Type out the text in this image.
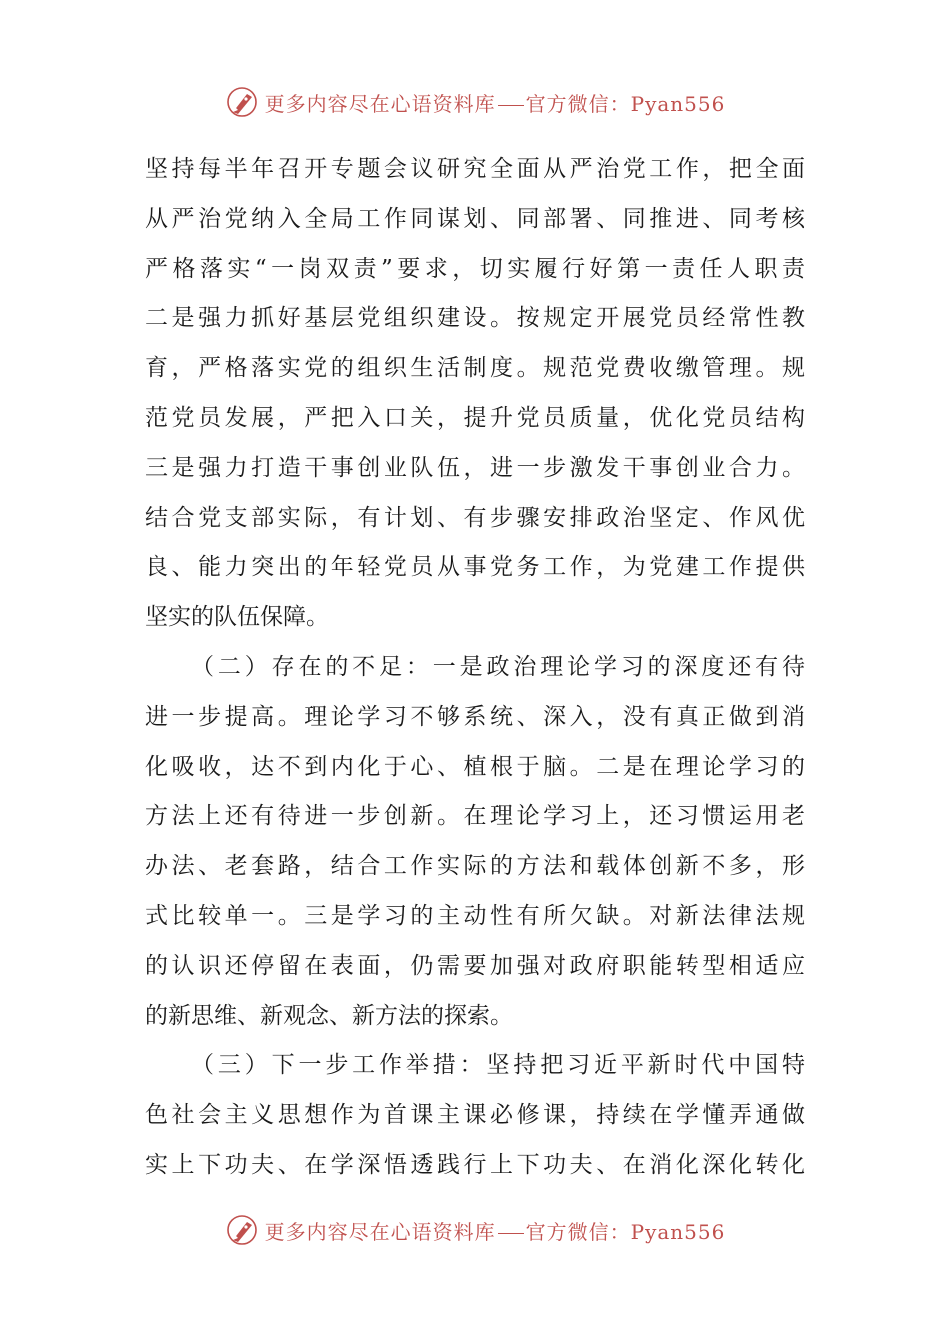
更多内容尽在心语资料库 官方微信：Pyan556
坚持每半年召开专题会议研究全面从严治党工作，把全面
从严治党纳入全局工作同谋划、同部署、同推进、同考核
严格落实“一岗双责”要求，切实履行好第一责任人职责
二是强力抓好基层党组织建设。按规定开展党员经常性教
育，严格落实党的组织生活制度。规范党费收缴管理。规
范党员发展，严把入口关，提升党员质量，优化党员结构
三是强力打造干事创业队伍，进一步激发干事创业合力。
结合党支部实际，有计划、有步骤安排政治坚定、作风优
良、能力突出的年轻党员从事党务工作，为党建工作提供
坚实的队伍保障。
（二）存在的不足：一是政治理论学习的深度还有待
进一步提高。理论学习不够系统、深入，没有真正做到消
化吸收，达不到内化于心、植根于脑。二是在理论学习的
方法上还有待进一步创新。在理论学习上，还习惯运用老
办法、老套路，结合工作实际的方法和载体创新不多，形
式比较单一。三是学习的主动性有所欠缺。对新法律法规
的认识还停留在表面，仍需要加强对政府职能转型相适应
的新思维、新观念、新方法的探索。
（三）下一步工作举措：坚持把习近平新时代中国特
色社会主义思想作为首课主课必修课，持续在学懂弄通做
实上下功夫、在学深悟透践行上下功夫、在消化深化转化
更多内容尽在心语资料库 官方微信：Pyan556
